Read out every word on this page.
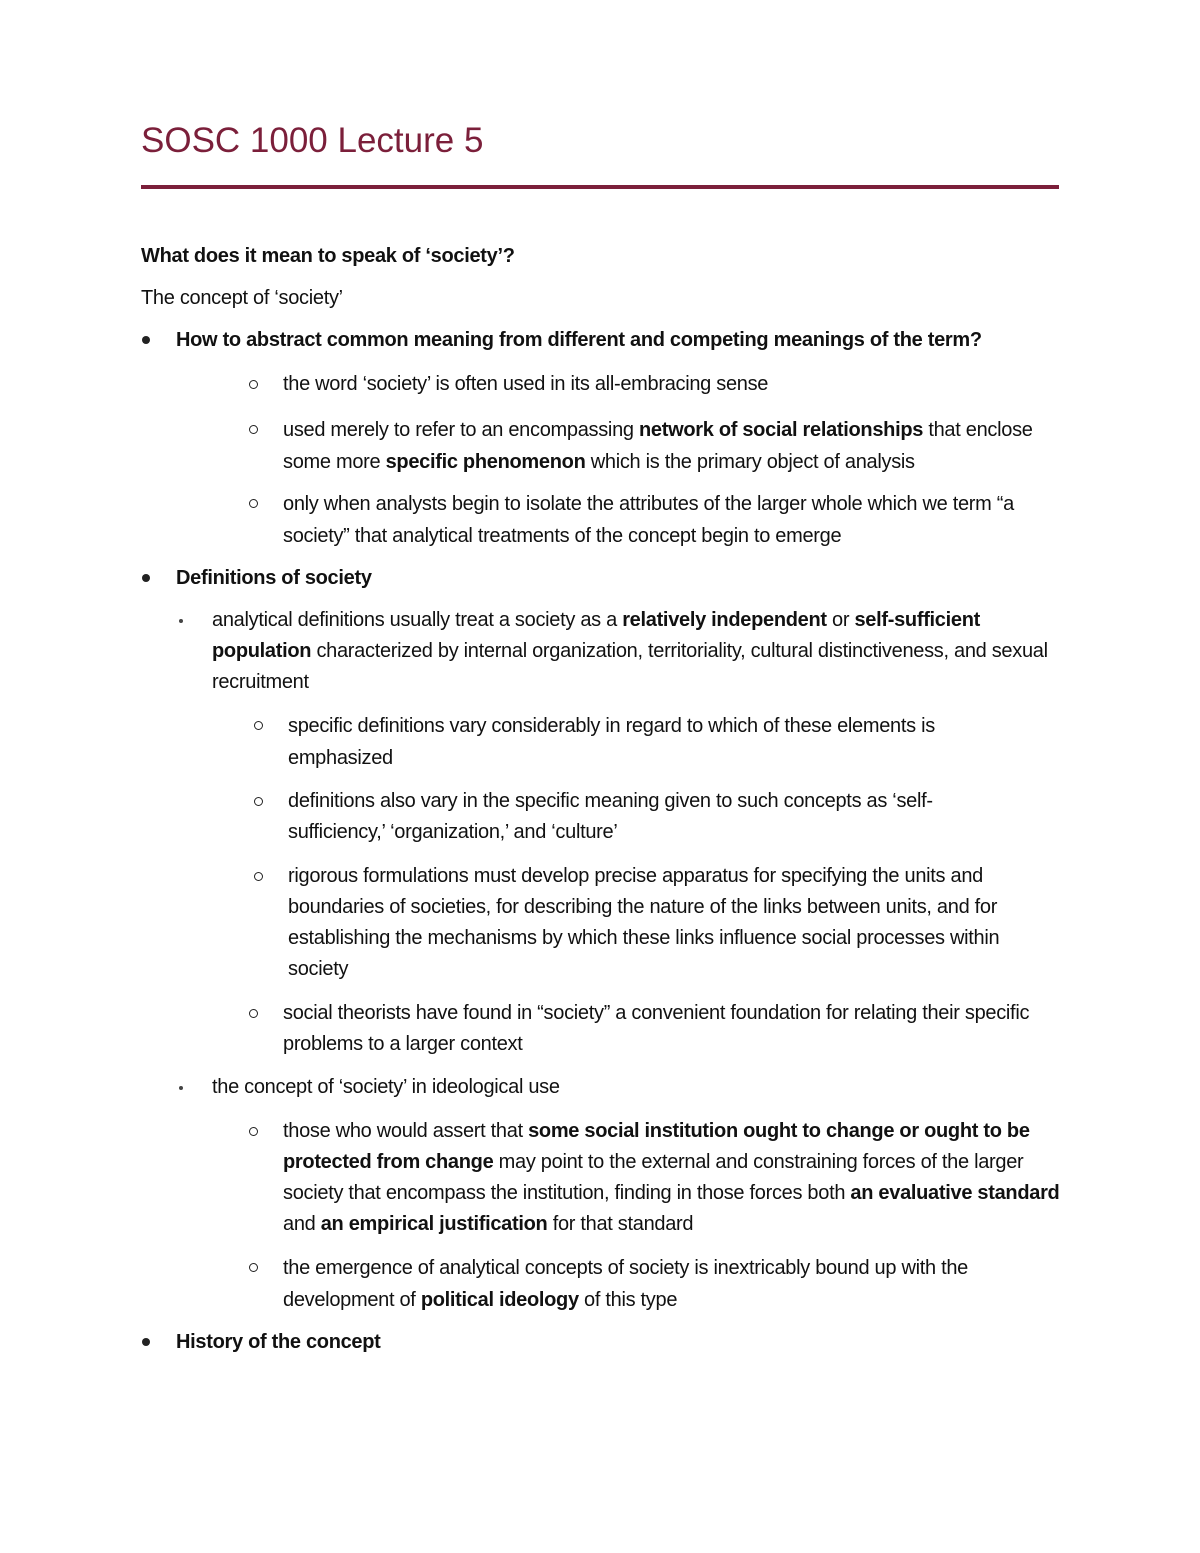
SOSC 1000 Lecture 5
What does it mean to speak of ‘society’?
The concept of ‘society’
How to abstract common meaning from different and competing meanings of the term?
the word ‘society’ is often used in its all-embracing sense
used merely to refer to an encompassing network of social relationships that enclose some more specific phenomenon which is the primary object of analysis
only when analysts begin to isolate the attributes of the larger whole which we term “a society” that analytical treatments of the concept begin to emerge
Definitions of society
analytical definitions usually treat a society as a relatively independent or self-sufficient population characterized by internal organization, territoriality, cultural distinctiveness, and sexual recruitment
specific definitions vary considerably in regard to which of these elements is emphasized
definitions also vary in the specific meaning given to such concepts as ‘self-sufficiency,’ ‘organization,’ and ‘culture’
rigorous formulations must develop precise apparatus for specifying the units and boundaries of societies, for describing the nature of the links between units, and for establishing the mechanisms by which these links influence social processes within society
social theorists have found in “society” a convenient foundation for relating their specific problems to a larger context
the concept of ‘society’ in ideological use
those who would assert that some social institution ought to change or ought to be protected from change may point to the external and constraining forces of the larger society that encompass the institution, finding in those forces both an evaluative standard and an empirical justification for that standard
the emergence of analytical concepts of society is inextricably bound up with the development of political ideology of this type
History of the concept
